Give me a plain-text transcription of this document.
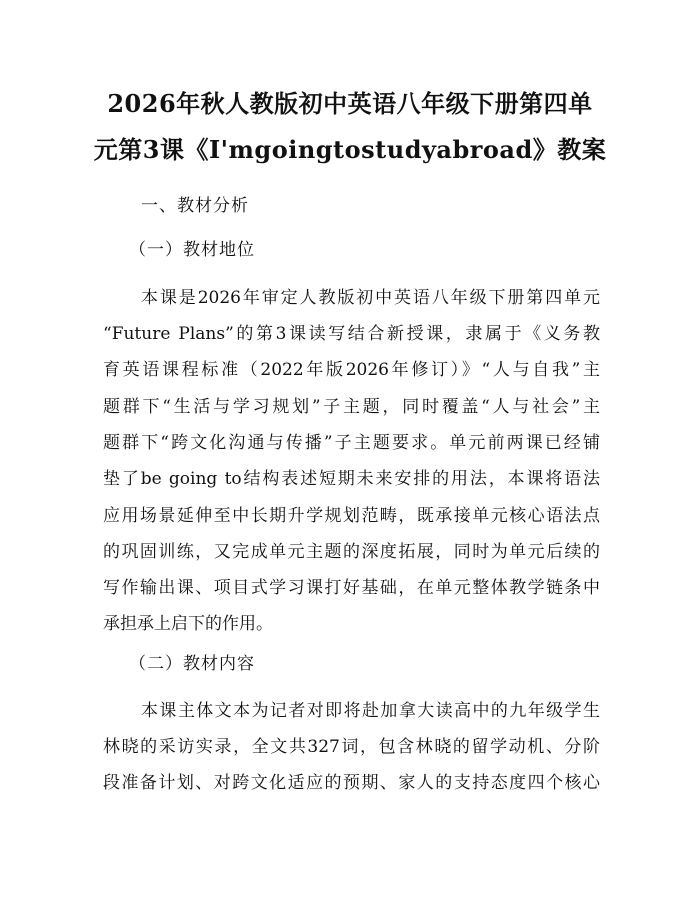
2026年秋人教版初中英语八年级下册第四单
元第3课《I'mgoingtostudyabroad》教案
一、教材分析
（一）教材地位
本课是2026年审定人教版初中英语八年级下册第四单元
“Future Plans”的第3课读写结合新授课，隶属于《义务教
育英语课程标准（2022年版2026年修订）》“人与自我”主
题群下“生活与学习规划”子主题，同时覆盖“人与社会”主
题群下“跨文化沟通与传播”子主题要求。单元前两课已经铺
垫了be going to结构表述短期未来安排的用法，本课将语法
应用场景延伸至中长期升学规划范畴，既承接单元核心语法点
的巩固训练，又完成单元主题的深度拓展，同时为单元后续的
写作输出课、项目式学习课打好基础，在单元整体教学链条中
承担承上启下的作用。
（二）教材内容
本课主体文本为记者对即将赴加拿大读高中的九年级学生
林晓的采访实录，全文共327词，包含林晓的留学动机、分阶
段准备计划、对跨文化适应的预期、家人的支持态度四个核心
